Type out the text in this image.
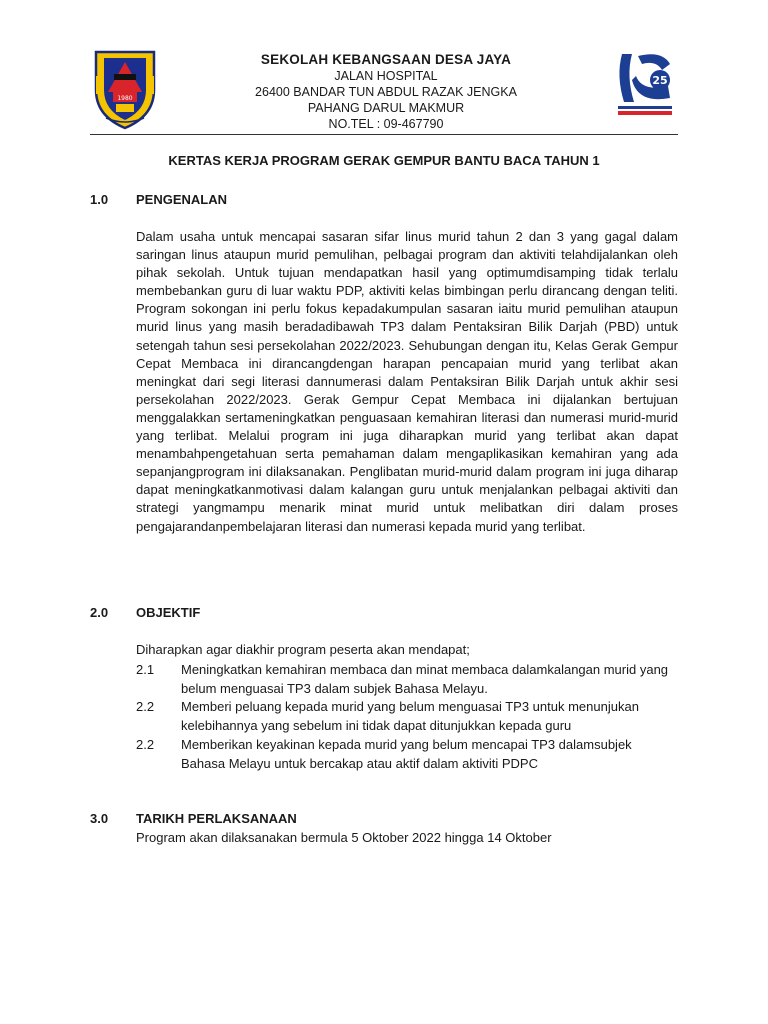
1980
SEKOLAH KEBANGSAAN DESA JAYA
JALAN HOSPITAL
26400 BANDAR TUN ABDUL RAZAK JENGKA
PAHANG DARUL MAKMUR
NO.TEL : 09-467790
25
KERTAS KERJA PROGRAM GERAK GEMPUR BANTU BACA TAHUN 1
1.0 PENGENALAN

Dalam usaha untuk mencapai sasaran sifar linus murid tahun 2 dan 3 yang gagal dalam saringan linus ataupun murid pemulihan, pelbagai program dan aktiviti telahdijalankan oleh pihak sekolah. Untuk tujuan mendapatkan hasil yang optimumdisamping tidak terlalu membebankan guru di luar waktu PDP, aktiviti kelas bimbingan perlu dirancang dengan teliti. Program sokongan ini perlu fokus kepadakumpulan sasaran iaitu murid pemulihan ataupun murid linus yang masih beradadibawah TP3 dalam Pentaksiran Bilik Darjah (PBD) untuk setengah tahun sesi persekolahan 2022/2023. Sehubungan dengan itu, Kelas Gerak Gempur Cepat Membaca ini dirancangdengan harapan pencapaian murid yang terlibat akan meningkat dari segi literasi dannumerasi dalam Pentaksiran Bilik Darjah untuk akhir sesi persekolahan 2022/2023. Gerak Gempur Cepat Membaca ini dijalankan bertujuan menggalakkan sertameningkatkan penguasaan kemahiran literasi dan numerasi murid-murid yang terlibat. Melalui program ini juga diharapkan murid yang terlibat akan dapat menambahpengetahuan serta pemahaman dalam mengaplikasikan kemahiran yang ada sepanjangprogram ini dilaksanakan. Penglibatan murid-murid dalam program ini juga diharap dapat meningkatkanmotivasi dalam kalangan guru untuk menjalankan pelbagai aktiviti dan strategi yangmampu menarik minat murid untuk melibatkan diri dalam proses pengajarandanpembelajaran literasi dan numerasi kepada murid yang terlibat.

2.0 OBJEKTIF
Diharapkan agar diakhir program peserta akan mendapat;
2.1 Meningkatkan kemahiran membaca dan minat membaca dalamkalangan murid yang belum menguasai TP3 dalam subjek Bahasa Melayu.
2.2 Memberi peluang kepada murid yang belum menguasai TP3 untuk menunjukan kelebihannya yang sebelum ini tidak dapat ditunjukkan kepada guru
2.2 Memberikan keyakinan kepada murid yang belum mencapai TP3 dalamsubjek Bahasa Melayu untuk bercakap atau aktif dalam aktiviti PDPC
3.0 TARIKH PERLAKSANAAN
Program akan dilaksanakan bermula 5 Oktober 2022 hingga 14 Oktober
